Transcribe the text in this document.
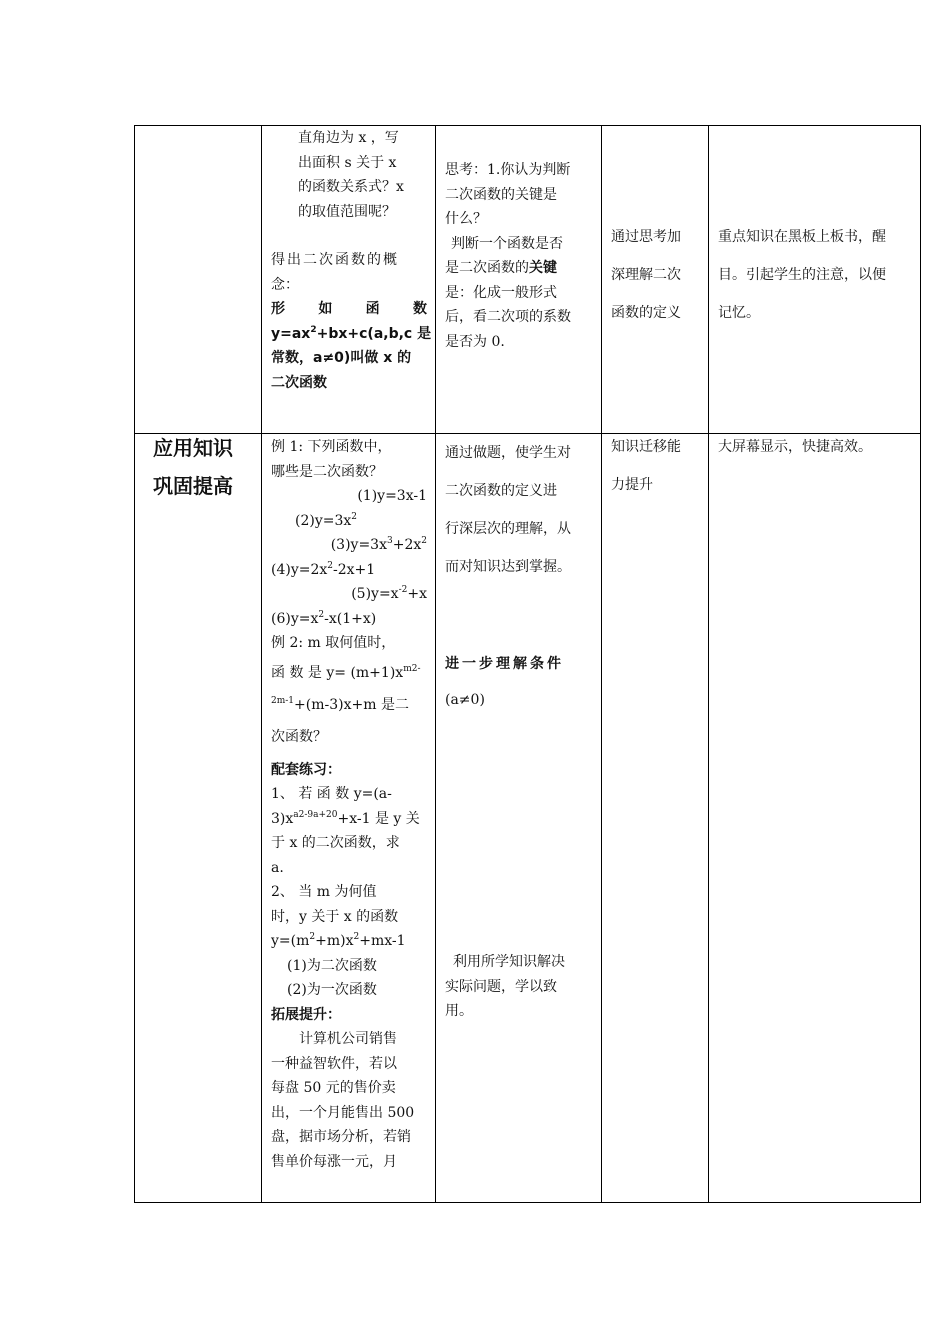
直角边为 x ，写
出面积 s 关于 x
的函数关系式？x
的取值范围呢？
得出二次函数的概
念：
形 如 函 数
$y=ax^2+bx+c(a,b,c$ 是
常数，a≠0)叫做 x 的
二次函数
思考：1.你认为判断
二次函数的关键是
什么？
判断一个函数是否
是二次函数的关键
是：化成一般形式
后，看二次项的系数
是否为 0.
通过思考加
深理解二次
函数的定义
重点知识在黑板上板书，醒
目。引起学生的注意，以便
记忆。
应用知识
巩固提高
例 1: 下列函数中，
哪些是二次函数？
(1)y=3x-1
$(2)y=3x^2$
$(3)y=3x^3+2x^2$
$(4)y=2x^2-2x+1$
$(5)y=x^{-2}+x$
$(6)y=x^2-x(1+x)$
例 2: m 取何值时，
函 数 是 $y= (m+1)x^{m2-}$
$^{2m-1}$+(m-3)x+m 是二
次函数？
配套练习：
1、 若 函 数 y=(a-
$3)x^{a2-9a+20}+x-1$ 是 y 关
于 x 的二次函数，求
a.
2、 当 m 为何值
时，y 关于 x 的函数
$y=(m^2+m)x^2+mx-1$
(1)为二次函数
(2)为一次函数
拓展提升：
计算机公司销售
一种益智软件，若以
每盘 50 元的售价卖
出，一个月能售出 500
盘，据市场分析，若销
售单价每涨一元，月
通过做题，使学生对
二次函数的定义进
行深层次的理解，从
而对知识达到掌握。
进一步理解条件
(a≠0)
利用所学知识解决
实际问题，学以致
用。
知识迁移能
力提升
大屏幕显示，快捷高效。
